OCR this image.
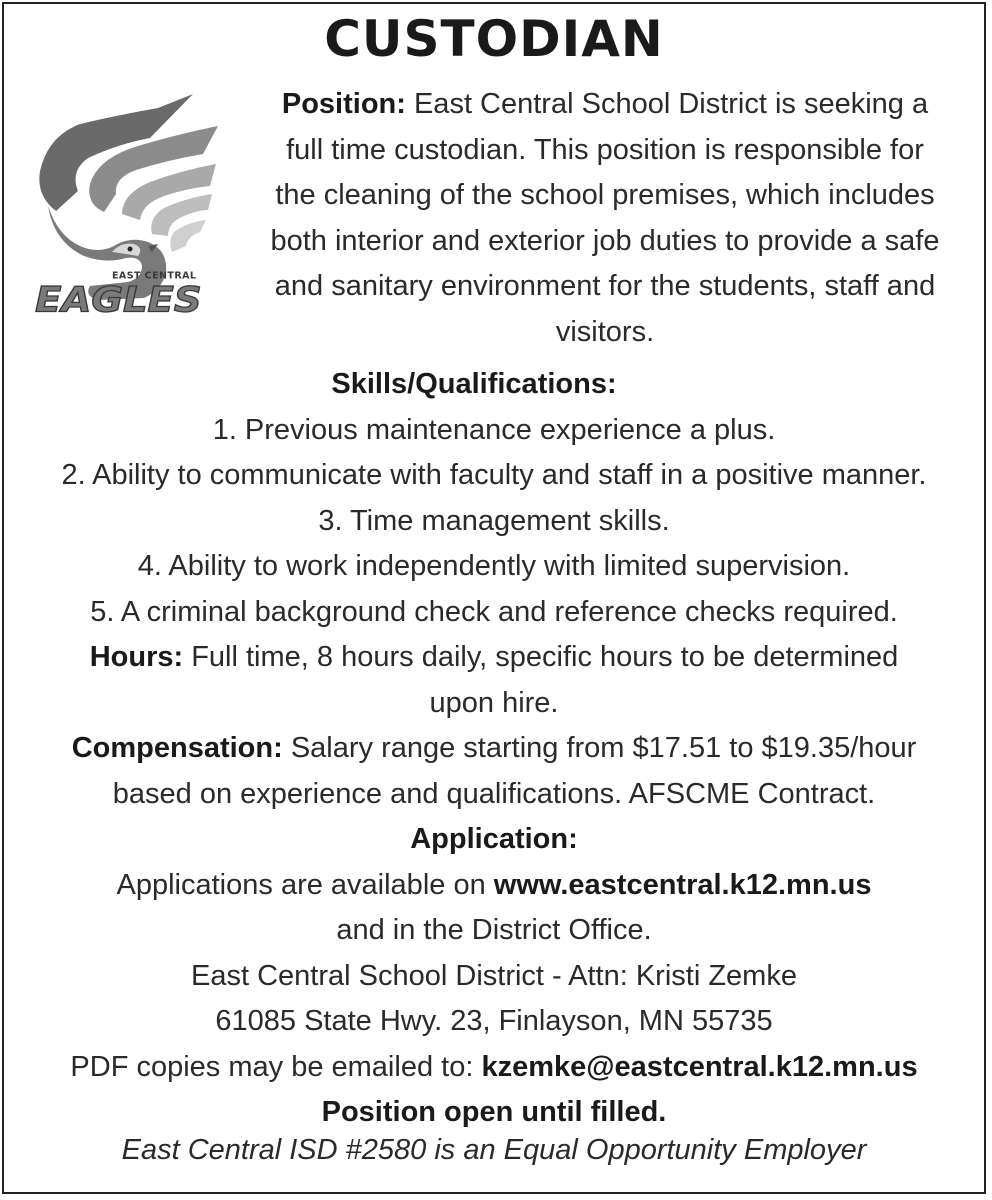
CUSTODIAN
EAST CENTRAL
EAGLES
Position: East Central School District is seeking a
full time custodian. This position is responsible for
the cleaning of the school premises, which includes
both interior and exterior job duties to provide a safe
and sanitary environment for the students, staff and
visitors.
Skills/Qualifications:
1. Previous maintenance experience a plus.
2. Ability to communicate with faculty and staff in a positive manner.
3. Time management skills.
4. Ability to work independently with limited supervision.
5. A criminal background check and reference checks required.
Hours: Full time, 8 hours daily, specific hours to be determined
upon hire.
Compensation: Salary range starting from $17.51 to $19.35/hour
based on experience and qualifications. AFSCME Contract.
Application:
Applications are available on www.eastcentral.k12.mn.us
and in the District Office.
East Central School District - Attn: Kristi Zemke
61085 State Hwy. 23, Finlayson, MN 55735
PDF copies may be emailed to: kzemke@eastcentral.k12.mn.us
Position open until filled.
East Central ISD #2580 is an Equal Opportunity Employer
